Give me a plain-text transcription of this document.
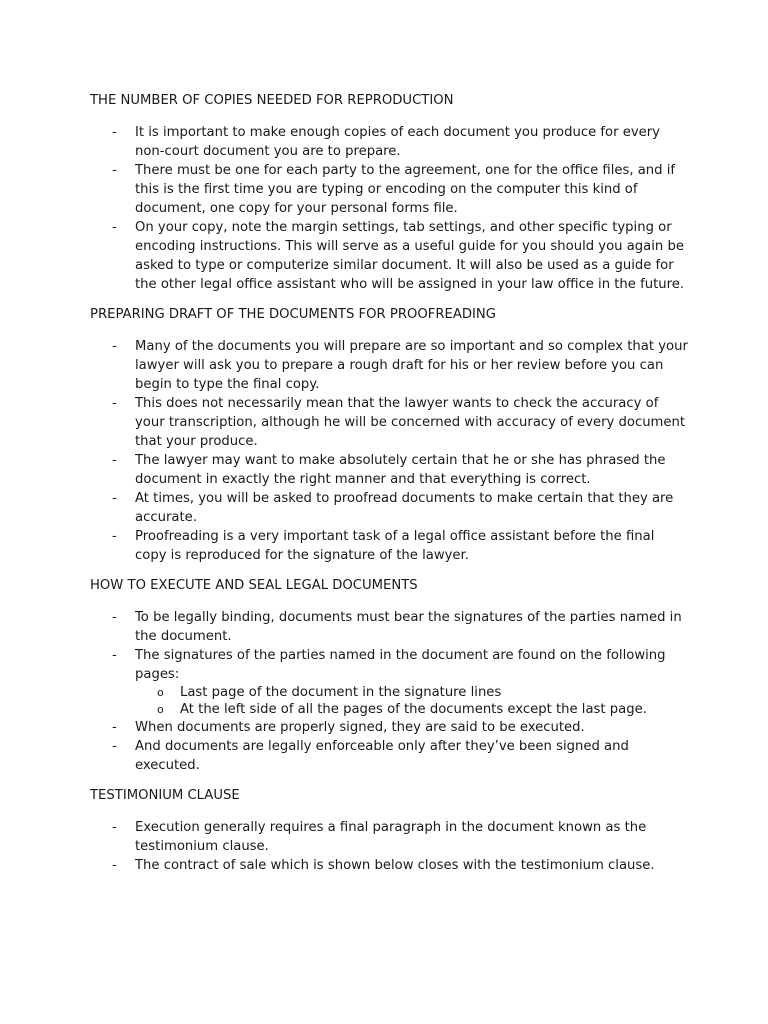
THE NUMBER OF COPIES NEEDED FOR REPRODUCTION

- It is important to make enough copies of each document you produce for every non-court document you are to prepare.
- There must be one for each party to the agreement, one for the office files, and if this is the first time you are typing or encoding on the computer this kind of document, one copy for your personal forms file.
- On your copy, note the margin settings, tab settings, and other specific typing or encoding instructions. This will serve as a useful guide for you should you again be asked to type or computerize similar document. It will also be used as a guide for the other legal office assistant who will be assigned in your law office in the future.

PREPARING DRAFT OF THE DOCUMENTS FOR PROOFREADING

- Many of the documents you will prepare are so important and so complex that your lawyer will ask you to prepare a rough draft for his or her review before you can begin to type the final copy.
- This does not necessarily mean that the lawyer wants to check the accuracy of your transcription, although he will be concerned with accuracy of every document that your produce.
- The lawyer may want to make absolutely certain that he or she has phrased the document in exactly the right manner and that everything is correct.
- At times, you will be asked to proofread documents to make certain that they are accurate.
- Proofreading is a very important task of a legal office assistant before the final copy is reproduced for the signature of the lawyer.

HOW TO EXECUTE AND SEAL LEGAL DOCUMENTS

- To be legally binding, documents must bear the signatures of the parties named in the document.
- The signatures of the parties named in the document are found on the following pages:
o Last page of the document in the signature lines
o At the left side of all the pages of the documents except the last page.
- When documents are properly signed, they are said to be executed.
- And documents are legally enforceable only after they’ve been signed and executed.

TESTIMONIUM CLAUSE

- Execution generally requires a final paragraph in the document known as the testimonium clause.
- The contract of sale which is shown below closes with the testimonium clause.
